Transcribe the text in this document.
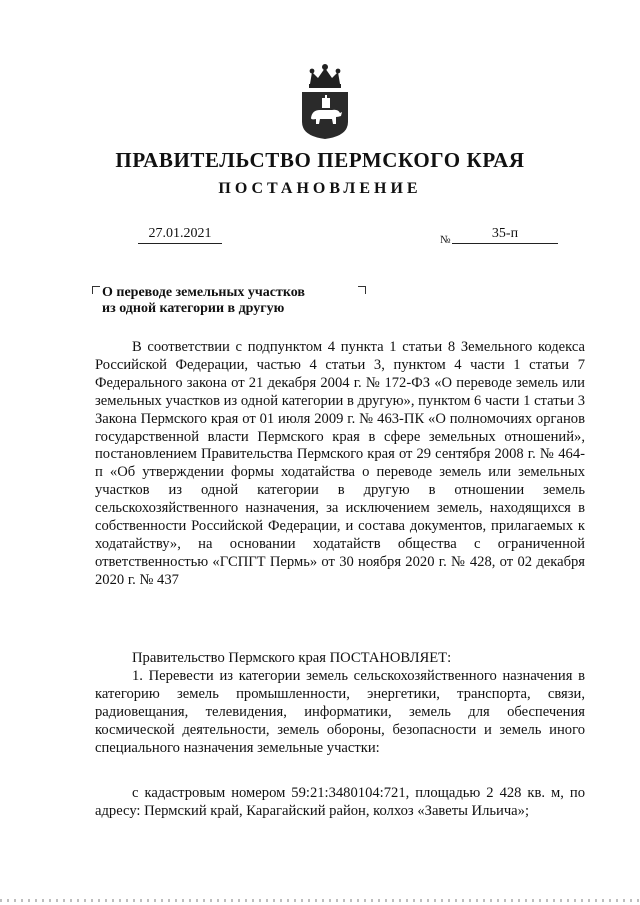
ПРАВИТЕЛЬСТВО ПЕРМСКОГО КРАЯ
ПОСТАНОВЛЕНИЕ
27.01.2021	№	35-п
О переводе земельных участков
из одной категории в другую

В соответствии с подпунктом 4 пункта 1 статьи 8 Земельного кодекса Российской Федерации, частью 4 статьи 3, пунктом 4 части 1 статьи 7 Федерального закона от 21 декабря 2004 г. № 172-ФЗ «О переводе земель или земельных участков из одной категории в другую», пунктом 6 части 1 статьи 3 Закона Пермского края от 01 июля 2009 г. № 463-ПК «О полномочиях органов государственной власти Пермского края в сфере земельных отношений», постановлением Правительства Пермского края от 29 сентября 2008 г. № 464-п «Об утверждении формы ходатайства о переводе земель или земельных участков из одной категории в другую в отношении земель сельскохозяйственного назначения, за исключением земель, находящихся в собственности Российской Федерации, и состава документов, прилагаемых к ходатайству», на основании ходатайств общества с ограниченной ответственностью «ГСПГТ Пермь» от 30 ноября 2020 г. № 428, от 02 декабря 2020 г. № 437

Правительство Пермского края ПОСТАНОВЛЯЕТ:

1. Перевести из категории земель сельскохозяйственного назначения в категорию земель промышленности, энергетики, транспорта, связи, радиовещания, телевидения, информатики, земель для обеспечения космической деятельности, земель обороны, безопасности и земель иного специального назначения земельные участки:

с кадастровым номером 59:21:3480104:721, площадью 2 428 кв. м, по адресу: Пермский край, Карагайский район, колхоз «Заветы Ильича»;
